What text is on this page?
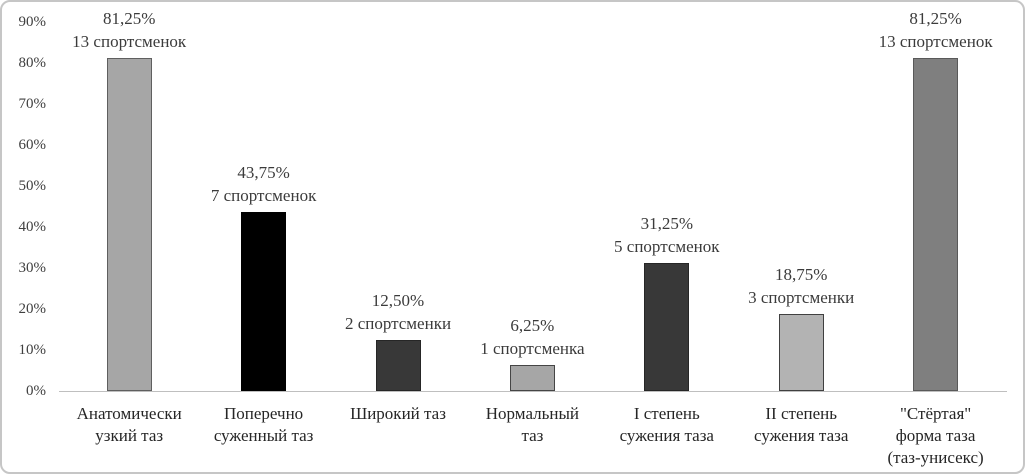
0%
10%
20%
30%
40%
50%
60%
70%
80%
90%	81,25%
13 спортсменок
Анатомически
узкий таз
43,75%
7 спортсменок
Поперечно
суженный таз
12,50%
2 спортсменки
Широкий таз
6,25%
1 спортсменка
Нормальный
таз
31,25%
5 спортсменок
I степень
сужения таза
18,75%
3 спортсменки
II степень
сужения таза
81,25%
13 спортсменок
"Стёртая"
форма таза
(таз-унисекс)
